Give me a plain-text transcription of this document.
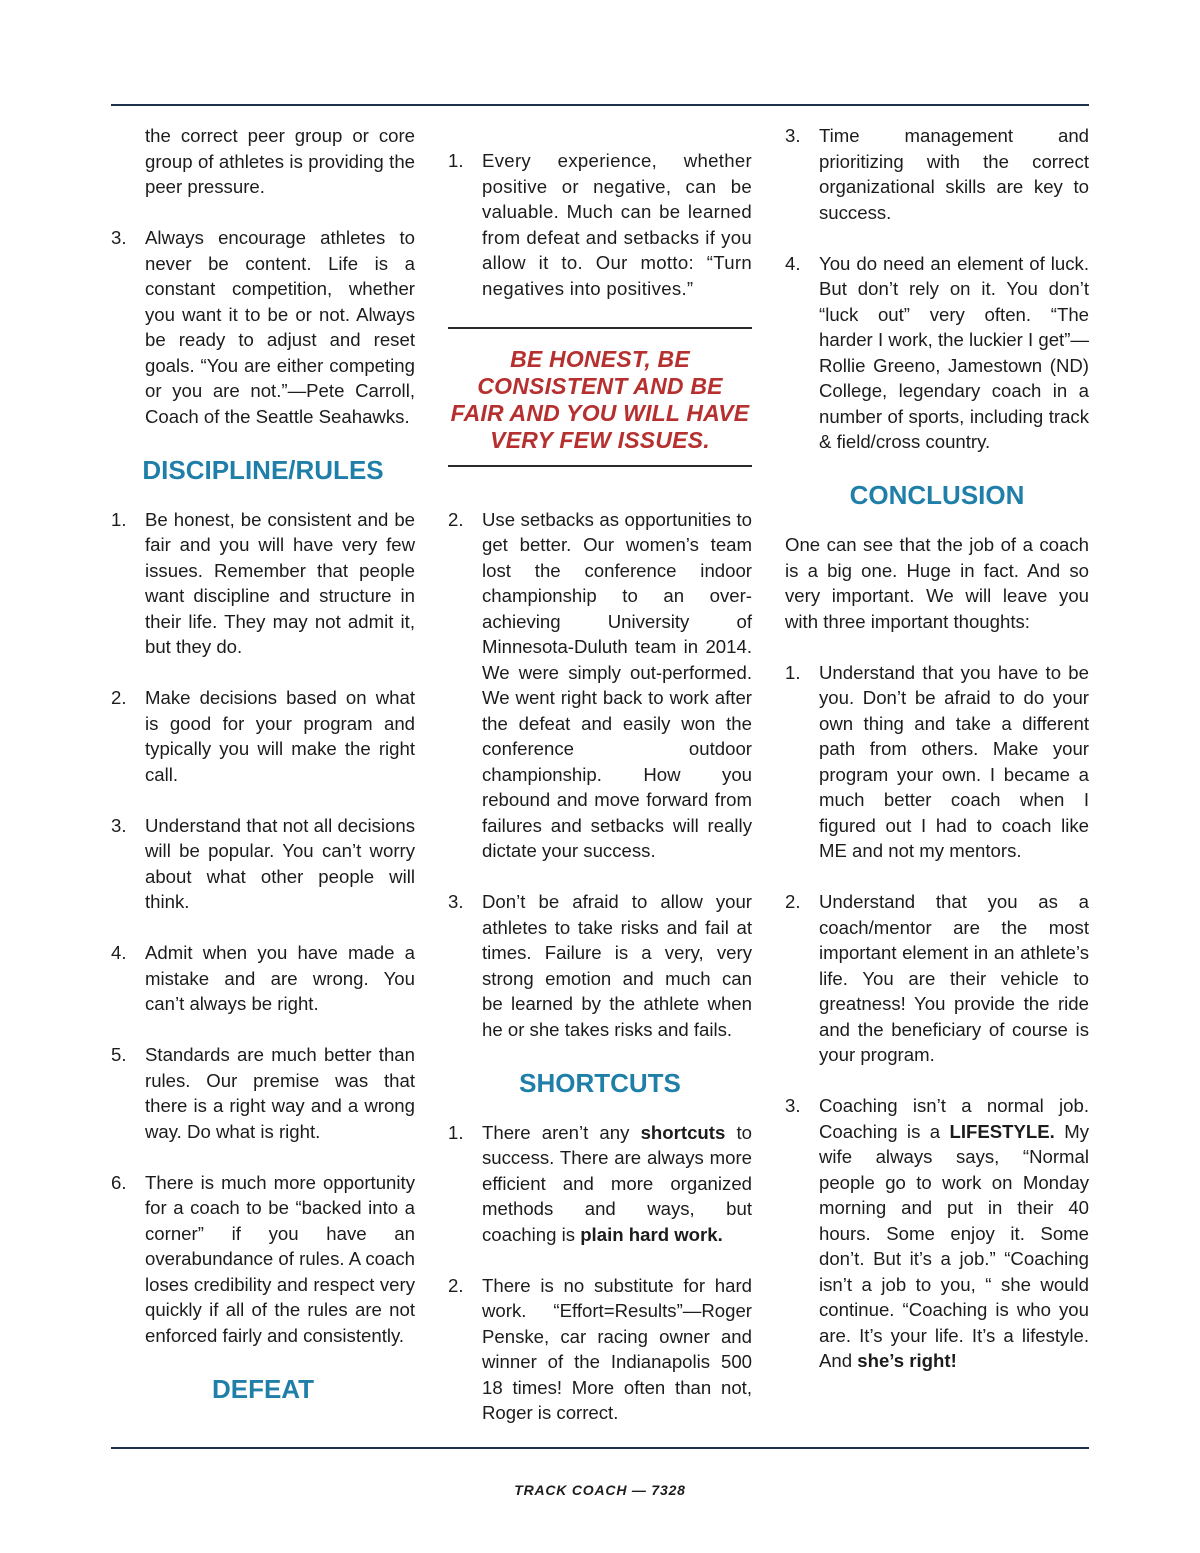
the correct peer group or core group of athletes is providing the peer pressure.
3. Always encourage athletes to never be content. Life is a constant competition, whether you want it to be or not. Always be ready to adjust and reset goals. “You are either competing or you are not.”—Pete Carroll, Coach of the Seattle Seahawks.
DISCIPLINE/RULES
1. Be honest, be consistent and be fair and you will have very few issues. Remember that people want discipline and structure in their life. They may not admit it, but they do.
2. Make decisions based on what is good for your program and typically you will make the right call.
3. Understand that not all decisions will be popular. You can’t worry about what other people will think.
4. Admit when you have made a mistake and are wrong. You can’t always be right.
5. Standards are much better than rules. Our premise was that there is a right way and a wrong way. Do what is right.
6. There is much more opportunity for a coach to be “backed into a corner” if you have an overabundance of rules. A coach loses credibility and respect very quickly if all of the rules are not enforced fairly and consistently.
DEFEAT
1. Every experience, whether positive or negative, can be valuable. Much can be learned from defeat and setbacks if you allow it to. Our motto: “Turn negatives into positives.”
BE HONEST, BE CONSISTENT AND BE FAIR AND YOU WILL HAVE VERY FEW ISSUES.
2. Use setbacks as opportunities to get better. Our women’s team lost the conference indoor championship to an over-achieving University of Minnesota-Duluth team in 2014. We were simply out-performed. We went right back to work after the defeat and easily won the conference outdoor championship. How you rebound and move forward from failures and setbacks will really dictate your success.
3. Don’t be afraid to allow your athletes to take risks and fail at times. Failure is a very, very strong emotion and much can be learned by the athlete when he or she takes risks and fails.
SHORTCUTS
1. There aren’t any shortcuts to success. There are always more efficient and more organized methods and ways, but coaching is plain hard work.
2. There is no substitute for hard work. “Effort=Results”—Roger Penske, car racing owner and winner of the Indianapolis 500 18 times! More often than not, Roger is correct.
3. Time management and prioritizing with the correct organizational skills are key to success.
4. You do need an element of luck. But don’t rely on it. You don’t “luck out” very often. “The harder I work, the luckier I get”—Rollie Greeno, Jamestown (ND) College, legendary coach in a number of sports, including track & field/cross country.
CONCLUSION
One can see that the job of a coach is a big one. Huge in fact. And so very important. We will leave you with three important thoughts:
1. Understand that you have to be you. Don’t be afraid to do your own thing and take a different path from others. Make your program your own. I became a much better coach when I figured out I had to coach like ME and not my mentors.
2. Understand that you as a coach/mentor are the most important element in an athlete’s life. You are their vehicle to greatness! You provide the ride and the beneficiary of course is your program.
3. Coaching isn’t a normal job. Coaching is a LIFESTYLE. My wife always says, “Normal people go to work on Monday morning and put in their 40 hours. Some enjoy it. Some don’t. But it’s a job.” “Coaching isn’t a job to you, “ she would continue. “Coaching is who you are. It’s your life. It’s a lifestyle. And she’s right!
TRACK COACH — 7328
